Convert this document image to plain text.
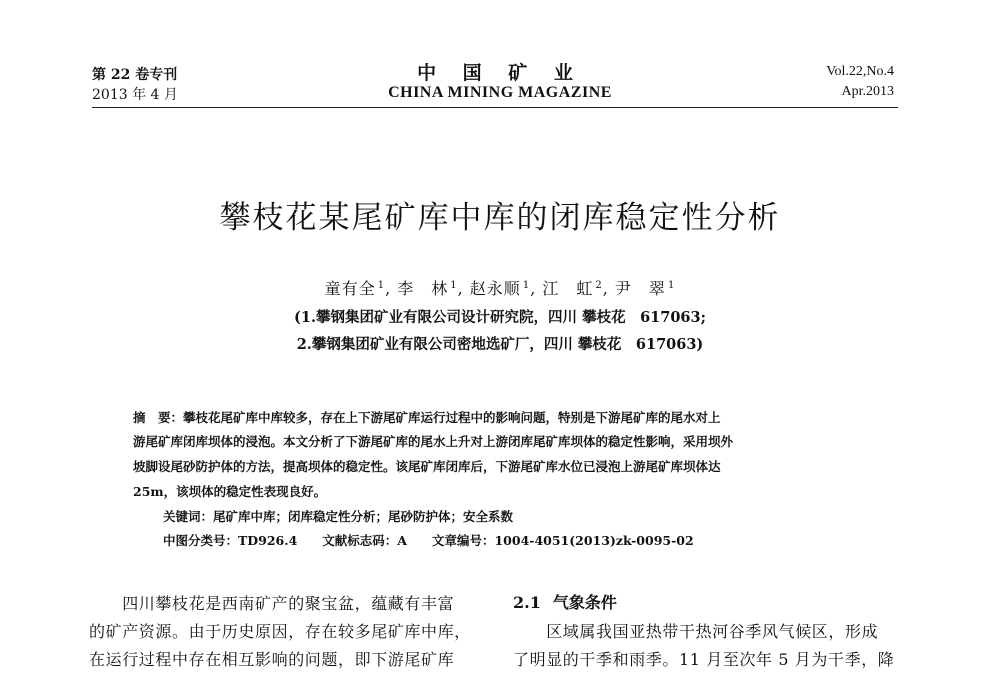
第 22 卷专刊
2013 年 4 月
中 国 矿 业
CHINA MINING MAGAZINE
Vol.22,No.4
Apr.2013
攀枝花某尾矿库中库的闭库稳定性分析
童有全 $^1$, 李　林 $^1$, 赵永顺 $^1$, 江　虹 $^2$, 尹　翠 $^1$
(1.攀钢集团矿业有限公司设计研究院，四川 攀枝花　617063;
2.攀钢集团矿业有限公司密地选矿厂，四川 攀枝花　617063)
摘　要：攀枝花尾矿库中库较多，存在上下游尾矿库运行过程中的影响问题，特别是下游尾矿库的尾水对上
游尾矿库闭库坝体的浸泡。本文分析了下游尾矿库的尾水上升对上游闭库尾矿库坝体的稳定性影响，采用坝外
坡脚设尾砂防护体的方法，提高坝体的稳定性。该尾矿库闭库后，下游尾矿库水位已浸泡上游尾矿库坝体达
25m，该坝体的稳定性表现良好。
关键词：尾矿库中库；闭库稳定性分析；尾砂防护体；安全系数
中图分类号：TD926.4　　文献标志码：A　　文章编号：1004-4051(2013)zk-0095-02
　　四川攀枝花是西南矿产的聚宝盆，蕴藏有丰富
的矿产资源。由于历史原因，存在较多尾矿库中库，
在运行过程中存在相互影响的问题，即下游尾矿库
2.1 气象条件
　　区域属我国亚热带干热河谷季风气候区，形成
了明显的干季和雨季。11 月至次年 5 月为干季，降
